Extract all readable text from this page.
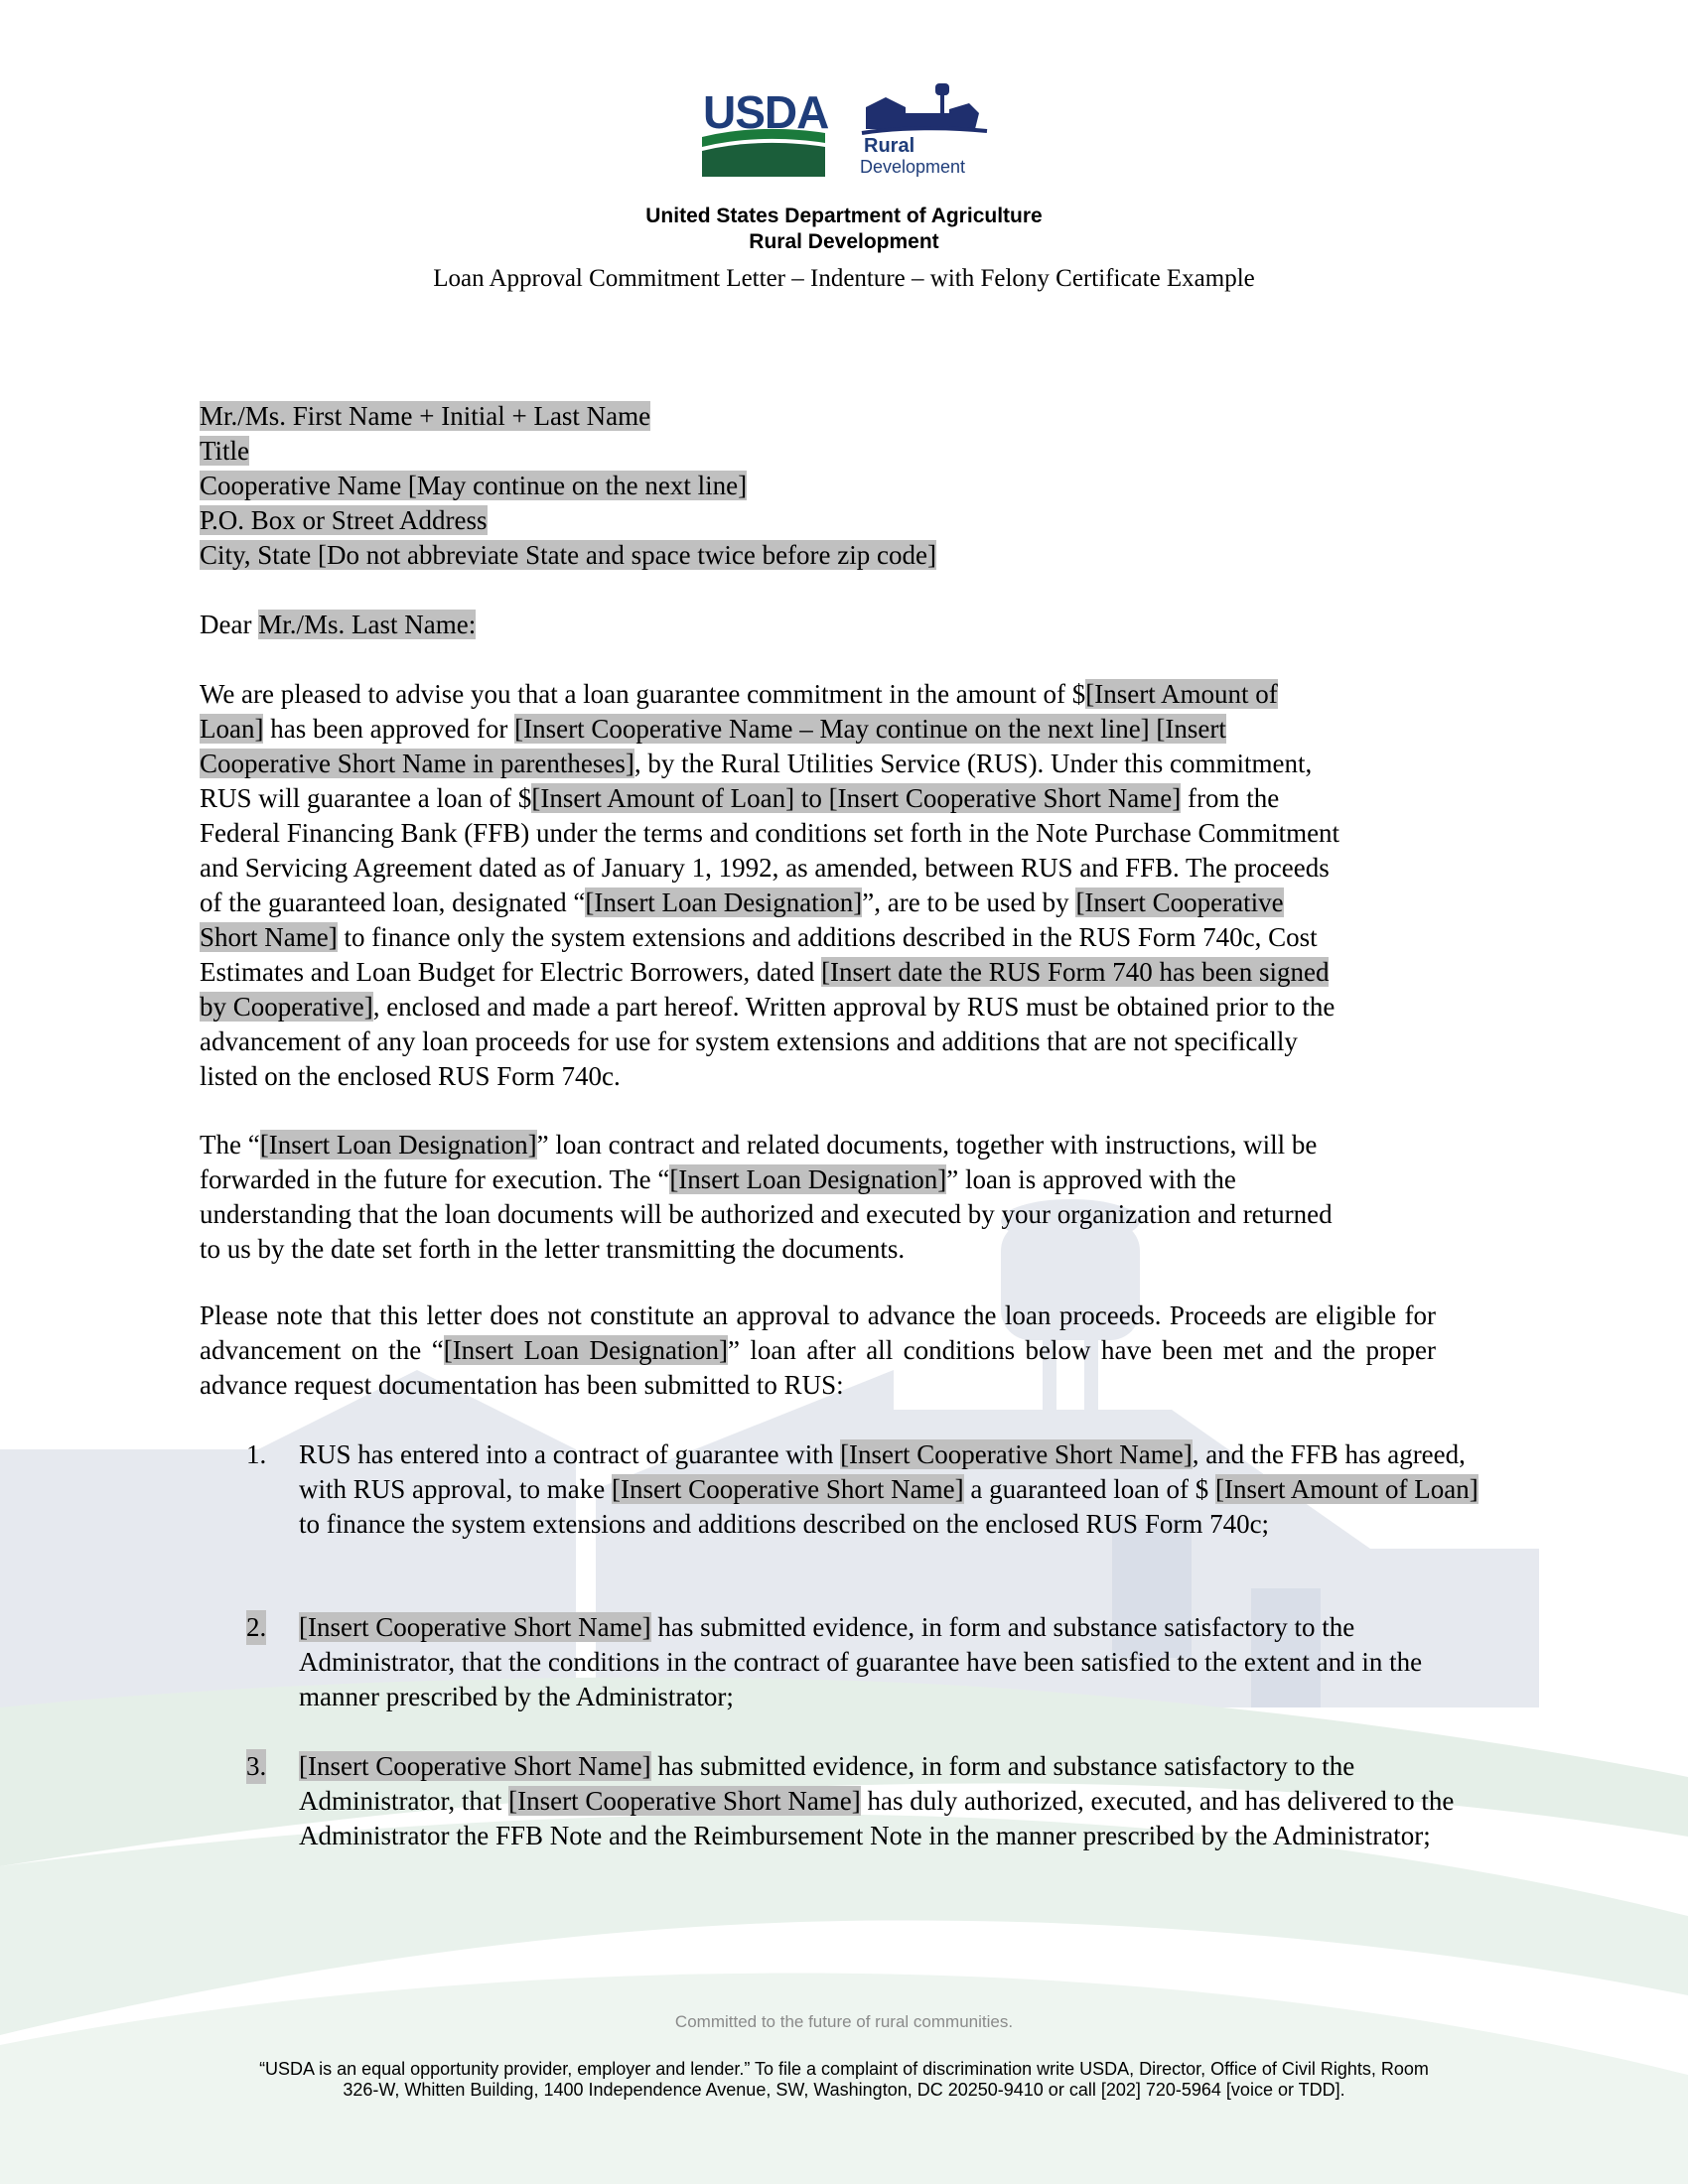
USDA
Rural
Development
United States Department of Agriculture
Rural Development
Loan Approval Commitment Letter – Indenture – with Felony Certificate Example
Mr./Ms. First Name + Initial + Last Name
Title
Cooperative Name [May continue on the next line]
P.O. Box or Street Address
City, State [Do not abbreviate State and space twice before zip code]
Dear Mr./Ms. Last Name:
We are pleased to advise you that a loan guarantee commitment in the amount of $[Insert Amount of
Loan] has been approved for [Insert Cooperative Name – May continue on the next line] [Insert
Cooperative Short Name in parentheses], by the Rural Utilities Service (RUS). Under this commitment,
RUS will guarantee a loan of $[Insert Amount of Loan] to [Insert Cooperative Short Name] from the
Federal Financing Bank (FFB) under the terms and conditions set forth in the Note Purchase Commitment
and Servicing Agreement dated as of January 1, 1992, as amended, between RUS and FFB. The proceeds
of the guaranteed loan, designated “[Insert Loan Designation]”, are to be used by [Insert Cooperative
Short Name] to finance only the system extensions and additions described in the RUS Form 740c, Cost
Estimates and Loan Budget for Electric Borrowers, dated [Insert date the RUS Form 740 has been signed
by Cooperative], enclosed and made a part hereof. Written approval by RUS must be obtained prior to the
advancement of any loan proceeds for use for system extensions and additions that are not specifically
listed on the enclosed RUS Form 740c.
The “[Insert Loan Designation]” loan contract and related documents, together with instructions, will be
forwarded in the future for execution. The “[Insert Loan Designation]” loan is approved with the
understanding that the loan documents will be authorized and executed by your organization and returned
to us by the date set forth in the letter transmitting the documents.
Please note that this letter does not constitute an approval to advance the loan proceeds. Proceeds are eligible for advancement on the “[Insert Loan Designation]” loan after all conditions below have been met and the proper advance request documentation has been submitted to RUS:
1. RUS has entered into a contract of guarantee with [Insert Cooperative Short Name], and the FFB has agreed, with RUS approval, to make [Insert Cooperative Short Name] a guaranteed loan of $ [Insert Amount of Loan] to finance the system extensions and additions described on the enclosed RUS Form 740c;
2. [Insert Cooperative Short Name] has submitted evidence, in form and substance satisfactory to the Administrator, that the conditions in the contract of guarantee have been satisfied to the extent and in the manner prescribed by the Administrator;
3. [Insert Cooperative Short Name] has submitted evidence, in form and substance satisfactory to the Administrator, that [Insert Cooperative Short Name] has duly authorized, executed, and has delivered to the Administrator the FFB Note and the Reimbursement Note in the manner prescribed by the Administrator;
Committed to the future of rural communities.
“USDA is an equal opportunity provider, employer and lender.” To file a complaint of discrimination write USDA, Director, Office of Civil Rights, Room
326-W, Whitten Building, 1400 Independence Avenue, SW, Washington, DC 20250-9410 or call [202] 720-5964 [voice or TDD].
